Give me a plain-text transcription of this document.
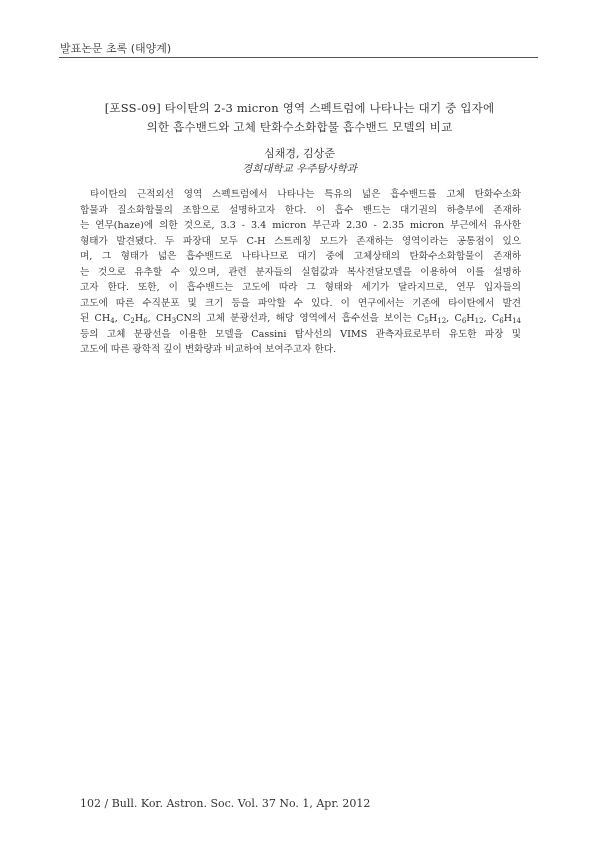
발표논문 초록 (태양계)
[포SS-09] 타이탄의 2-3 micron 영역 스펙트럼에 나타나는 대기 중 입자에
의한 흡수밴드와 고체 탄화수소화합물 흡수밴드 모델의 비교
심채경, 김상준
경희대학교 우주탐사학과
타이탄의 근적외선 영역 스펙트럼에서 나타나는 특유의 넓은 흡수밴드를 고체 탄화수소화
합물과 질소화합물의 조합으로 설명하고자 한다. 이 흡수 밴드는 대기권의 하층부에 존재하
는 연무(haze)에 의한 것으로, 3.3 - 3.4 micron 부근과 2.30 - 2.35 micron 부근에서 유사한
형태가 발견됐다. 두 파장대 모두 C-H 스트레칭 모드가 존재하는 영역이라는 공통점이 있으
며, 그 형태가 넓은 흡수밴드로 나타나므로 대기 중에 고체상태의 탄화수소화합물이 존재하
는 것으로 유추할 수 있으며, 관련 분자들의 실험값과 복사전달모델을 이용하여 이를 설명하
고자 한다. 또한, 이 흡수밴드는 고도에 따라 그 형태와 세기가 달라지므로, 연무 입자들의
고도에 따른 수직분포 및 크기 등을 파악할 수 있다. 이 연구에서는 기존에 타이탄에서 발견
된 $CH_4$, $C_2H_6$, $CH_3CN$의 고체 분광선과, 해당 영역에서 흡수선을 보이는 $C_5H_{12}$, $C_6H_{12}$, $C_6H_{14}$
등의 고체 분광선을 이용한 모델을 Cassini 탐사선의 VIMS 관측자료로부터 유도한 파장 및
고도에 따른 광학적 깊이 변화량과 비교하여 보여주고자 한다.
102 / Bull. Kor. Astron. Soc. Vol. 37 No. 1, Apr. 2012
